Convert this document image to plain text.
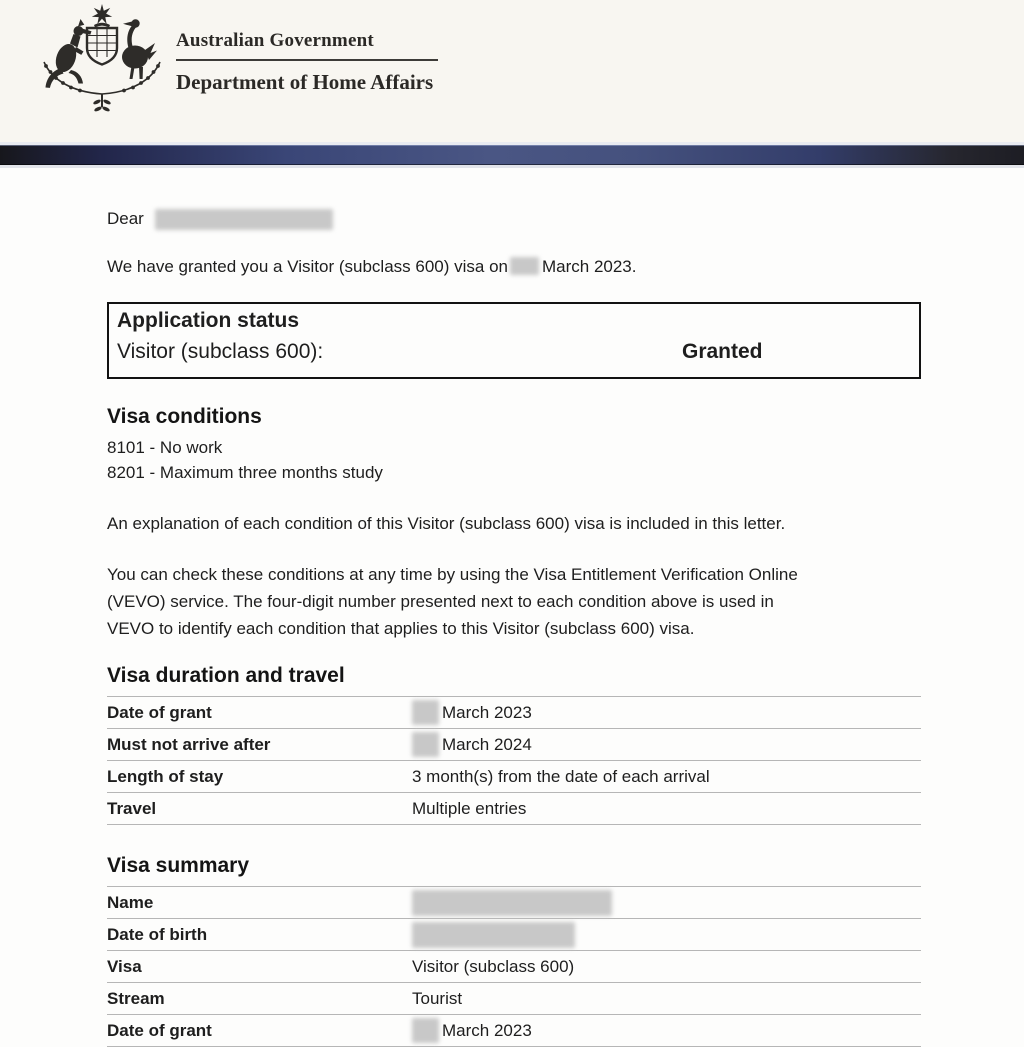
Australian Government
Department of Home Affairs
Dear
We have granted you a Visitor (subclass 600) visa on March 2023.
Application status
Visitor (subclass 600):	Granted
Visa conditions
8101 - No work
8201 - Maximum three months study
An explanation of each condition of this Visitor (subclass 600) visa is included in this letter.
You can check these conditions at any time by using the Visa Entitlement Verification Online
(VEVO) service. The four-digit number presented next to each condition above is used in
VEVO to identify each condition that applies to this Visitor (subclass 600) visa.
Visa duration and travel
Date of grant	March 2023
Must not arrive after	March 2024
Length of stay	3 month(s) from the date of each arrival
Travel	Multiple entries
Visa summary
Name
Date of birth
Visa	Visitor (subclass 600)
Stream	Tourist
Date of grant	March 2023
